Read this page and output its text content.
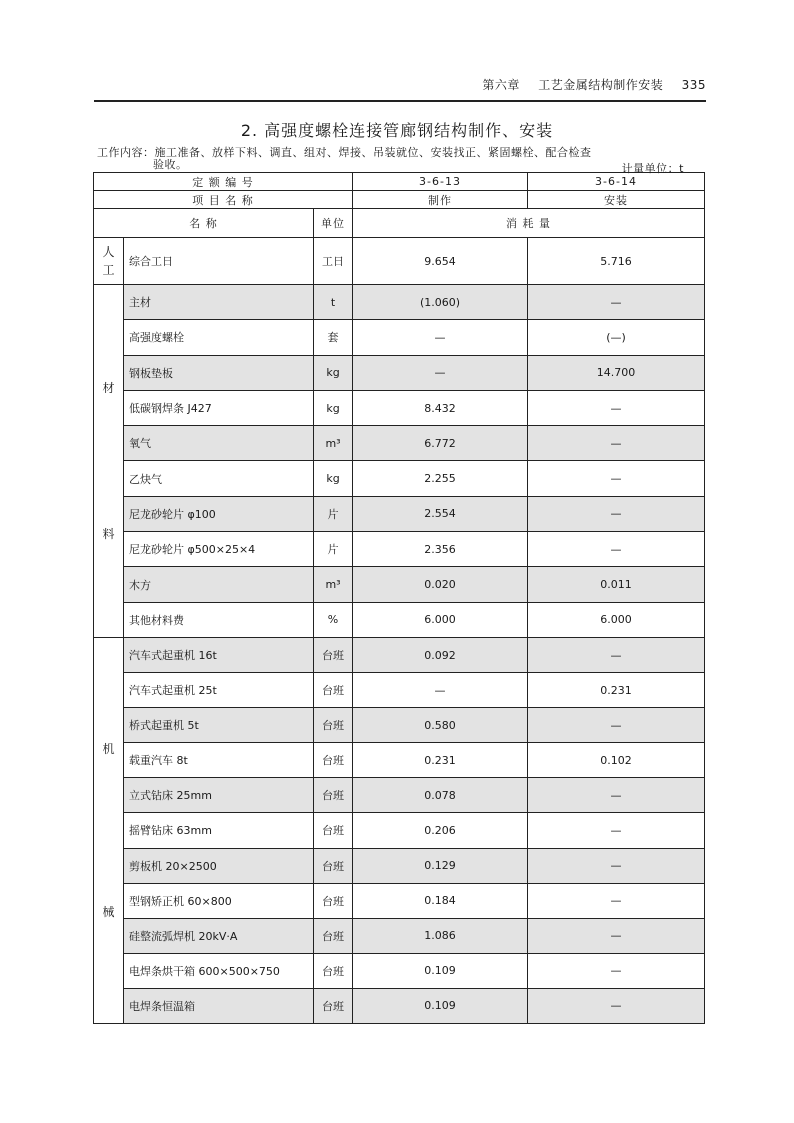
第六章 工艺金属结构制作安装 335
2. 高强度螺栓连接管廊钢结构制作、安装
工作内容：施工准备、放样下料、调直、组对、焊接、吊装就位、安装找正、紧固螺栓、配合检查
验收。	计量单位：t
定 额 编 号			3-6-13	3-6-14
项 目 名 称			制作	安装
名 称		单位	消 耗 量	

人
工	综合工日	工日	9.654	5.716

材
料	主材	t	(1.060)	—
	高强度螺栓	套	—	(—)
	钢板垫板	kg	—	14.700
	低碳钢焊条 J427	kg	8.432	—
	氧气	m³	6.772	—
	乙炔气	kg	2.255	—
	尼龙砂轮片 φ100	片	2.554	—
	尼龙砂轮片 φ500×25×4	片	2.356	—
	木方	m³	0.020	0.011
	其他材料费	%	6.000	6.000

机
械	汽车式起重机 16t	台班	0.092	—
	汽车式起重机 25t	台班	—	0.231
	桥式起重机 5t	台班	0.580	—
	载重汽车 8t	台班	0.231	0.102
	立式钻床 25mm	台班	0.078	—
	摇臂钻床 63mm	台班	0.206	—
	剪板机 20×2500	台班	0.129	—
	型钢矫正机 60×800	台班	0.184	—
	硅整流弧焊机 20kV·A	台班	1.086	—
	电焊条烘干箱 600×500×750	台班	0.109	—
	电焊条恒温箱	台班	0.109	—
